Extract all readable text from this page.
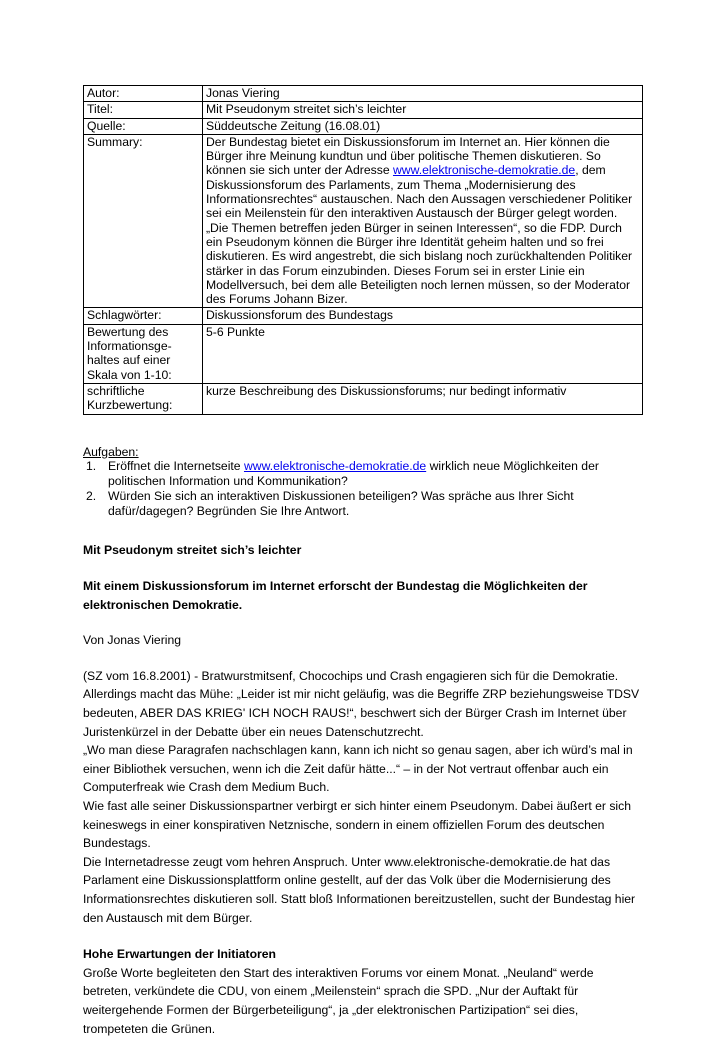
Autor:	Jonas Viering
Titel:	Mit Pseudonym streitet sich’s leichter
Quelle:	Süddeutsche Zeitung (16.08.01)
Summary:	Der Bundestag bietet ein Diskussionsforum im Internet an. Hier können die Bürger ihre Meinung kundtun und über politische Themen diskutieren. So können sie sich unter der Adresse www.elektronische-demokratie.de, dem Diskussionsforum des Parlaments, zum Thema „Modernisierung des Informationsrechtes“ austauschen. Nach den Aussagen verschiedener Politiker sei ein Meilenstein für den interaktiven Austausch der Bürger gelegt worden. „Die Themen betreffen jeden Bürger in seinen Interessen“, so die FDP. Durch ein Pseudonym können die Bürger ihre Identität geheim halten und so frei diskutieren. Es wird angestrebt, die sich bislang noch zurückhaltenden Politiker stärker in das Forum einzubinden. Dieses Forum sei in erster Linie ein Modellversuch, bei dem alle Beteiligten noch lernen müssen, so der Moderator des Forums Johann Bizer.
Schlagwörter:	Diskussionsforum des Bundestags
Bewertung des
Informationsge-
haltes auf einer
Skala von 1-10:	5-6 Punkte
schriftliche
Kurzbewertung:	kurze Beschreibung des Diskussionsforums; nur bedingt informativ
Aufgaben:
1. Eröffnet die Internetseite www.elektronische-demokratie.de wirklich neue Möglichkeiten der politischen Information und Kommunikation?
2. Würden Sie sich an interaktiven Diskussionen beteiligen? Was spräche aus Ihrer Sicht dafür/dagegen? Begründen Sie Ihre Antwort.

Mit Pseudonym streitet sich’s leichter

Mit einem Diskussionsforum im Internet erforscht der Bundestag die Möglichkeiten der elektronischen Demokratie.

Von Jonas Viering

(SZ vom 16.8.2001) - Bratwurstmitsenf, Chocochips und Crash engagieren sich für die Demokratie. Allerdings macht das Mühe: „Leider ist mir nicht geläufig, was die Begriffe ZRP beziehungsweise TDSV bedeuten, ABER DAS KRIEG' ICH NOCH RAUS!“, beschwert sich der Bürger Crash im Internet über Juristenkürzel in der Debatte über ein neues Datenschutzrecht.

„Wo man diese Paragrafen nachschlagen kann, kann ich nicht so genau sagen, aber ich würd’s mal in einer Bibliothek versuchen, wenn ich die Zeit dafür hätte...“ – in der Not vertraut offenbar auch ein Computerfreak wie Crash dem Medium Buch.

Wie fast alle seiner Diskussionspartner verbirgt er sich hinter einem Pseudonym. Dabei äußert er sich keineswegs in einer konspirativen Netznische, sondern in einem offiziellen Forum des deutschen Bundestags.

Die Internetadresse zeugt vom hehren Anspruch. Unter www.elektronische-demokratie.de hat das Parlament eine Diskussionsplattform online gestellt, auf der das Volk über die Modernisierung des Informationsrechtes diskutieren soll. Statt bloß Informationen bereitzustellen, sucht der Bundestag hier den Austausch mit dem Bürger.

Hohe Erwartungen der Initiatoren

Große Worte begleiteten den Start des interaktiven Forums vor einem Monat. „Neuland“ werde betreten, verkündete die CDU, von einem „Meilenstein“ sprach die SPD. „Nur der Auftakt für weitergehende Formen der Bürgerbeteiligung“, ja „der elektronischen Partizipation“ sei dies, trompeteten die Grünen.
